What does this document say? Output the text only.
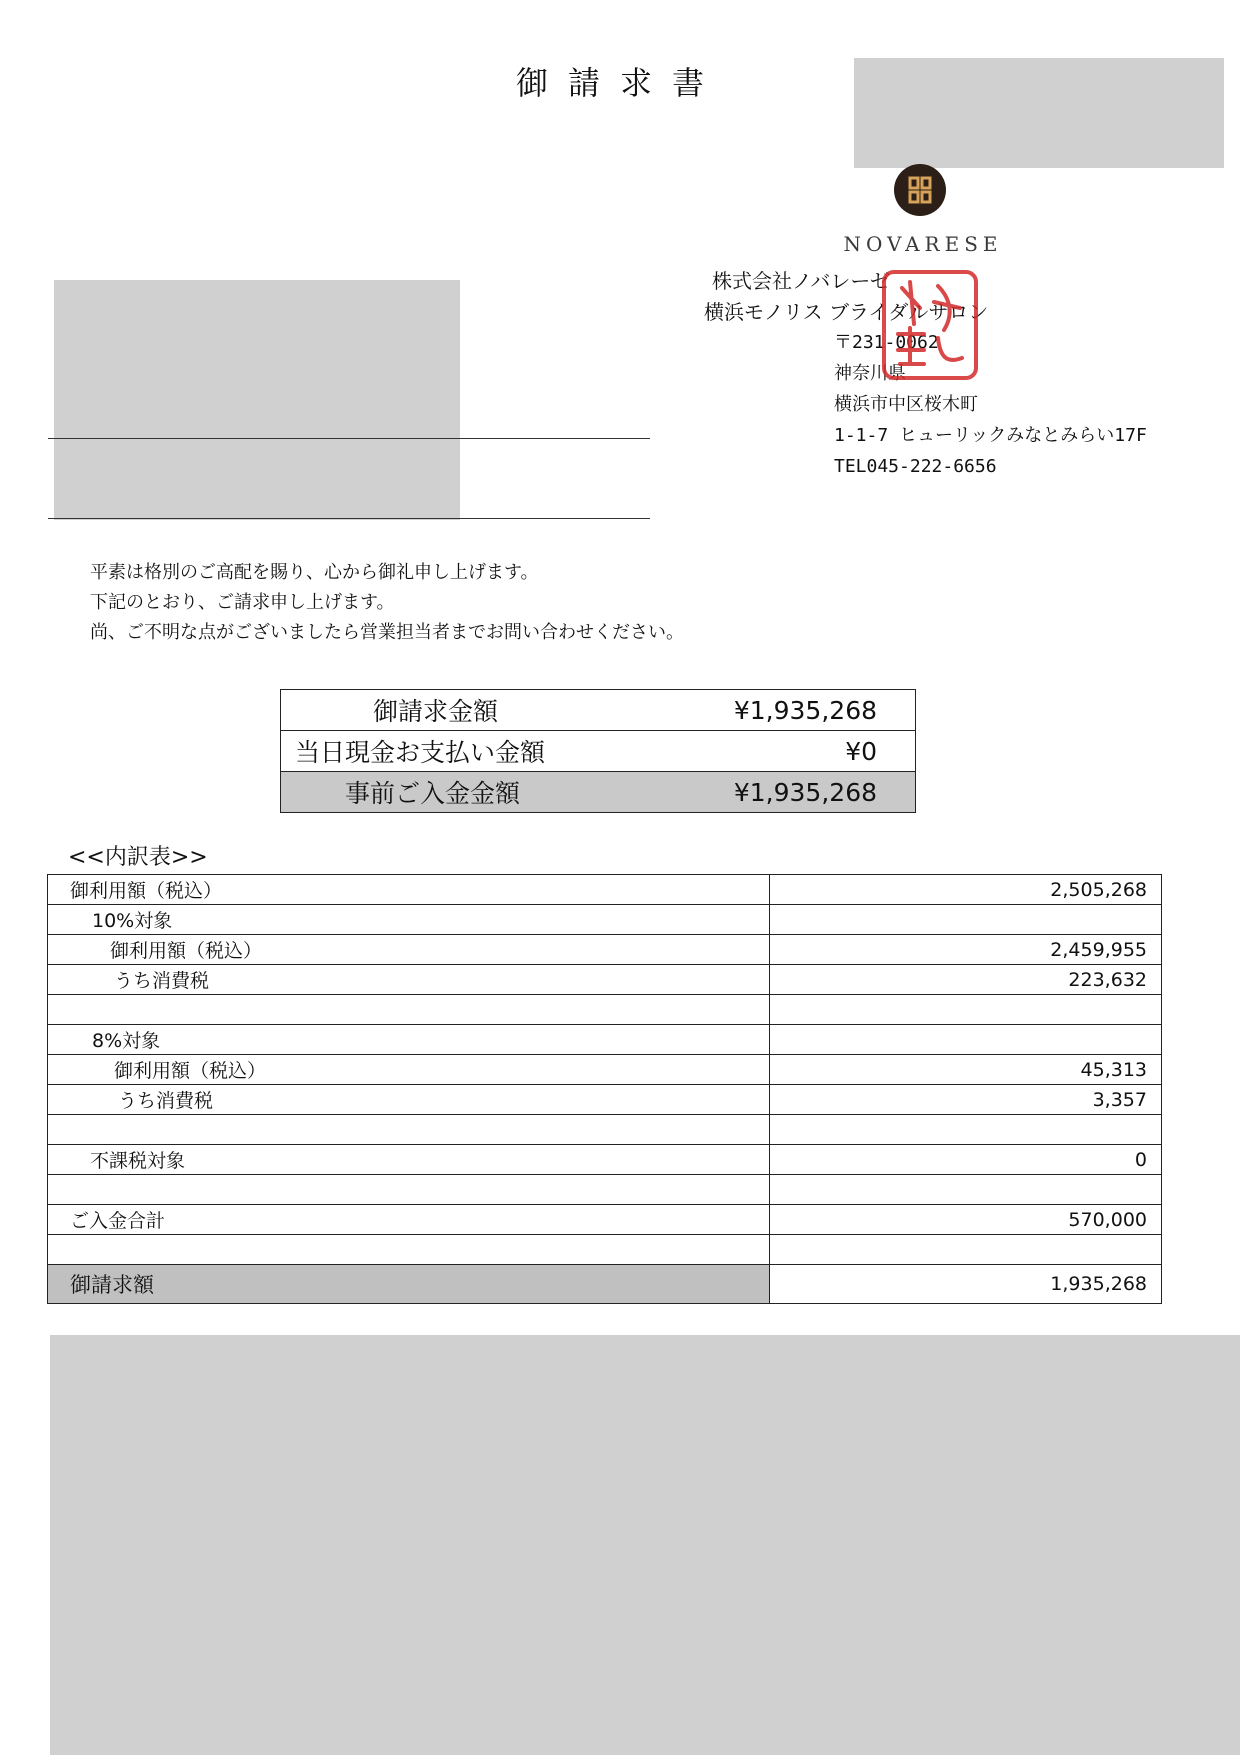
御請求書
NOVARESE
株式会社ノバレーゼ
横浜モノリス ブライダルサロン
〒231-0062
神奈川県
横浜市中区桜木町
1-1-7 ヒューリックみなとみらい17F
TEL045-222-6656
平素は格別のご高配を賜り、心から御礼申し上げます。
下記のとおり、ご請求申し上げます。
尚、ご不明な点がございましたら営業担当者までお問い合わせください。
御請求金額	¥1,935,268
当日現金お支払い金額	¥0
事前ご入金金額	¥1,935,268
<<内訳表>>
御利用額（税込）	2,505,268
10%対象	
御利用額（税込）	2,459,955
うち消費税	223,632

8%対象	
御利用額（税込）	45,313
うち消費税	3,357

不課税対象	0

ご入金合計	570,000

御請求額	1,935,268
